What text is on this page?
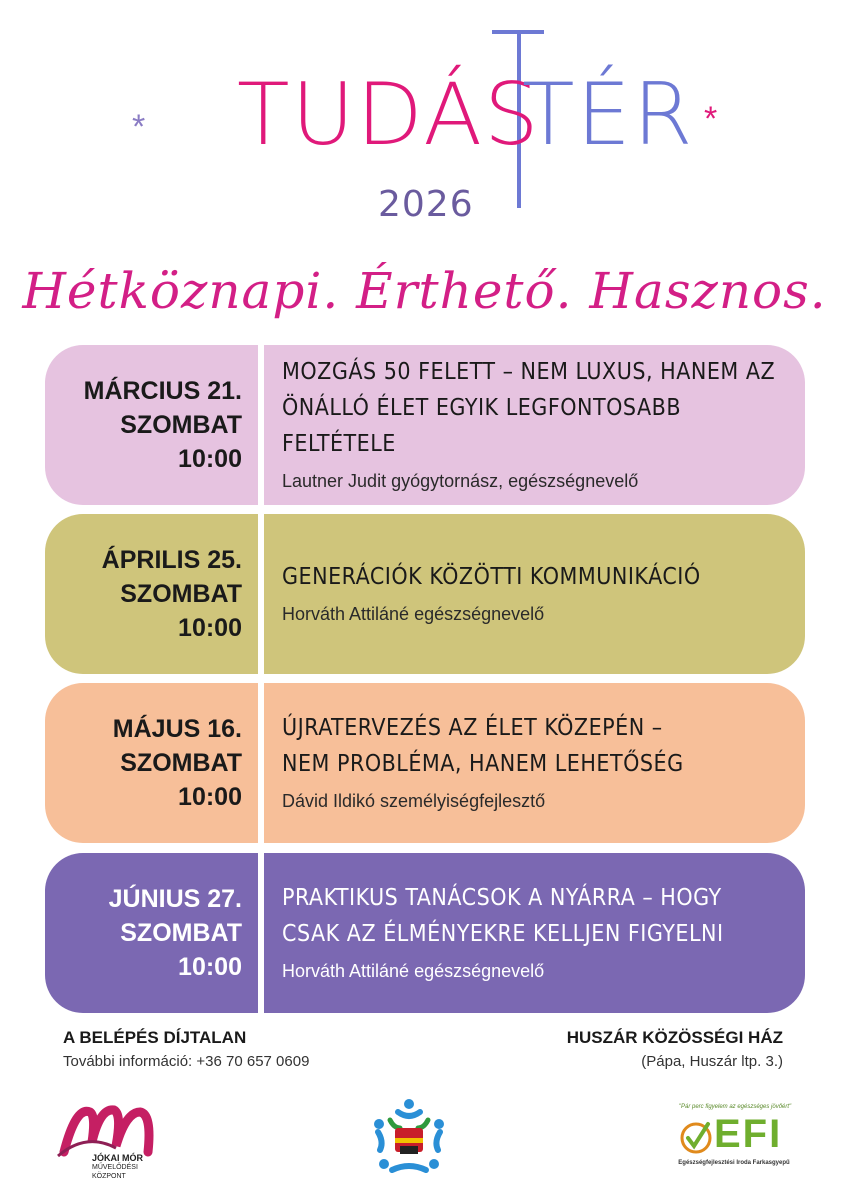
*	*
TUDÁS
TÉR
2026
Hétköznapi. Érthető. Hasznos.
MÁRCIUS 21.
SZOMBAT
10:00
MOZGÁS 50 FELETT – NEM LUXUS, HANEM AZ
ÖNÁLLÓ ÉLET EGYIK LEGFONTOSABB FELTÉTELE
Lautner Judit gyógytornász, egészségnevelő
ÁPRILIS 25.
SZOMBAT
10:00
GENERÁCIÓK KÖZÖTTI KOMMUNIKÁCIÓ
Horváth Attiláné egészségnevelő
MÁJUS 16.
SZOMBAT
10:00
ÚJRATERVEZÉS AZ ÉLET KÖZEPÉN –
NEM PROBLÉMA, HANEM LEHETŐSÉG
Dávid Ildikó személyiségfejlesztő
JÚNIUS 27.
SZOMBAT
10:00
PRAKTIKUS TANÁCSOK A NYÁRRA – HOGY
CSAK AZ ÉLMÉNYEKRE KELLJEN FIGYELNI
Horváth Attiláné egészségnevelő
A BELÉPÉS DÍJTALAN
További információ: +36 70 657 0609
HUSZÁR KÖZÖSSÉGI HÁZ
(Pápa, Huszár ltp. 3.)
JÓKAI MÓR
MŰVELŐDÉSI
KÖZPONT
"Pár perc figyelem az egészséges jövőért"
EFI
Egészségfejlesztési Iroda Farkasgyepű
